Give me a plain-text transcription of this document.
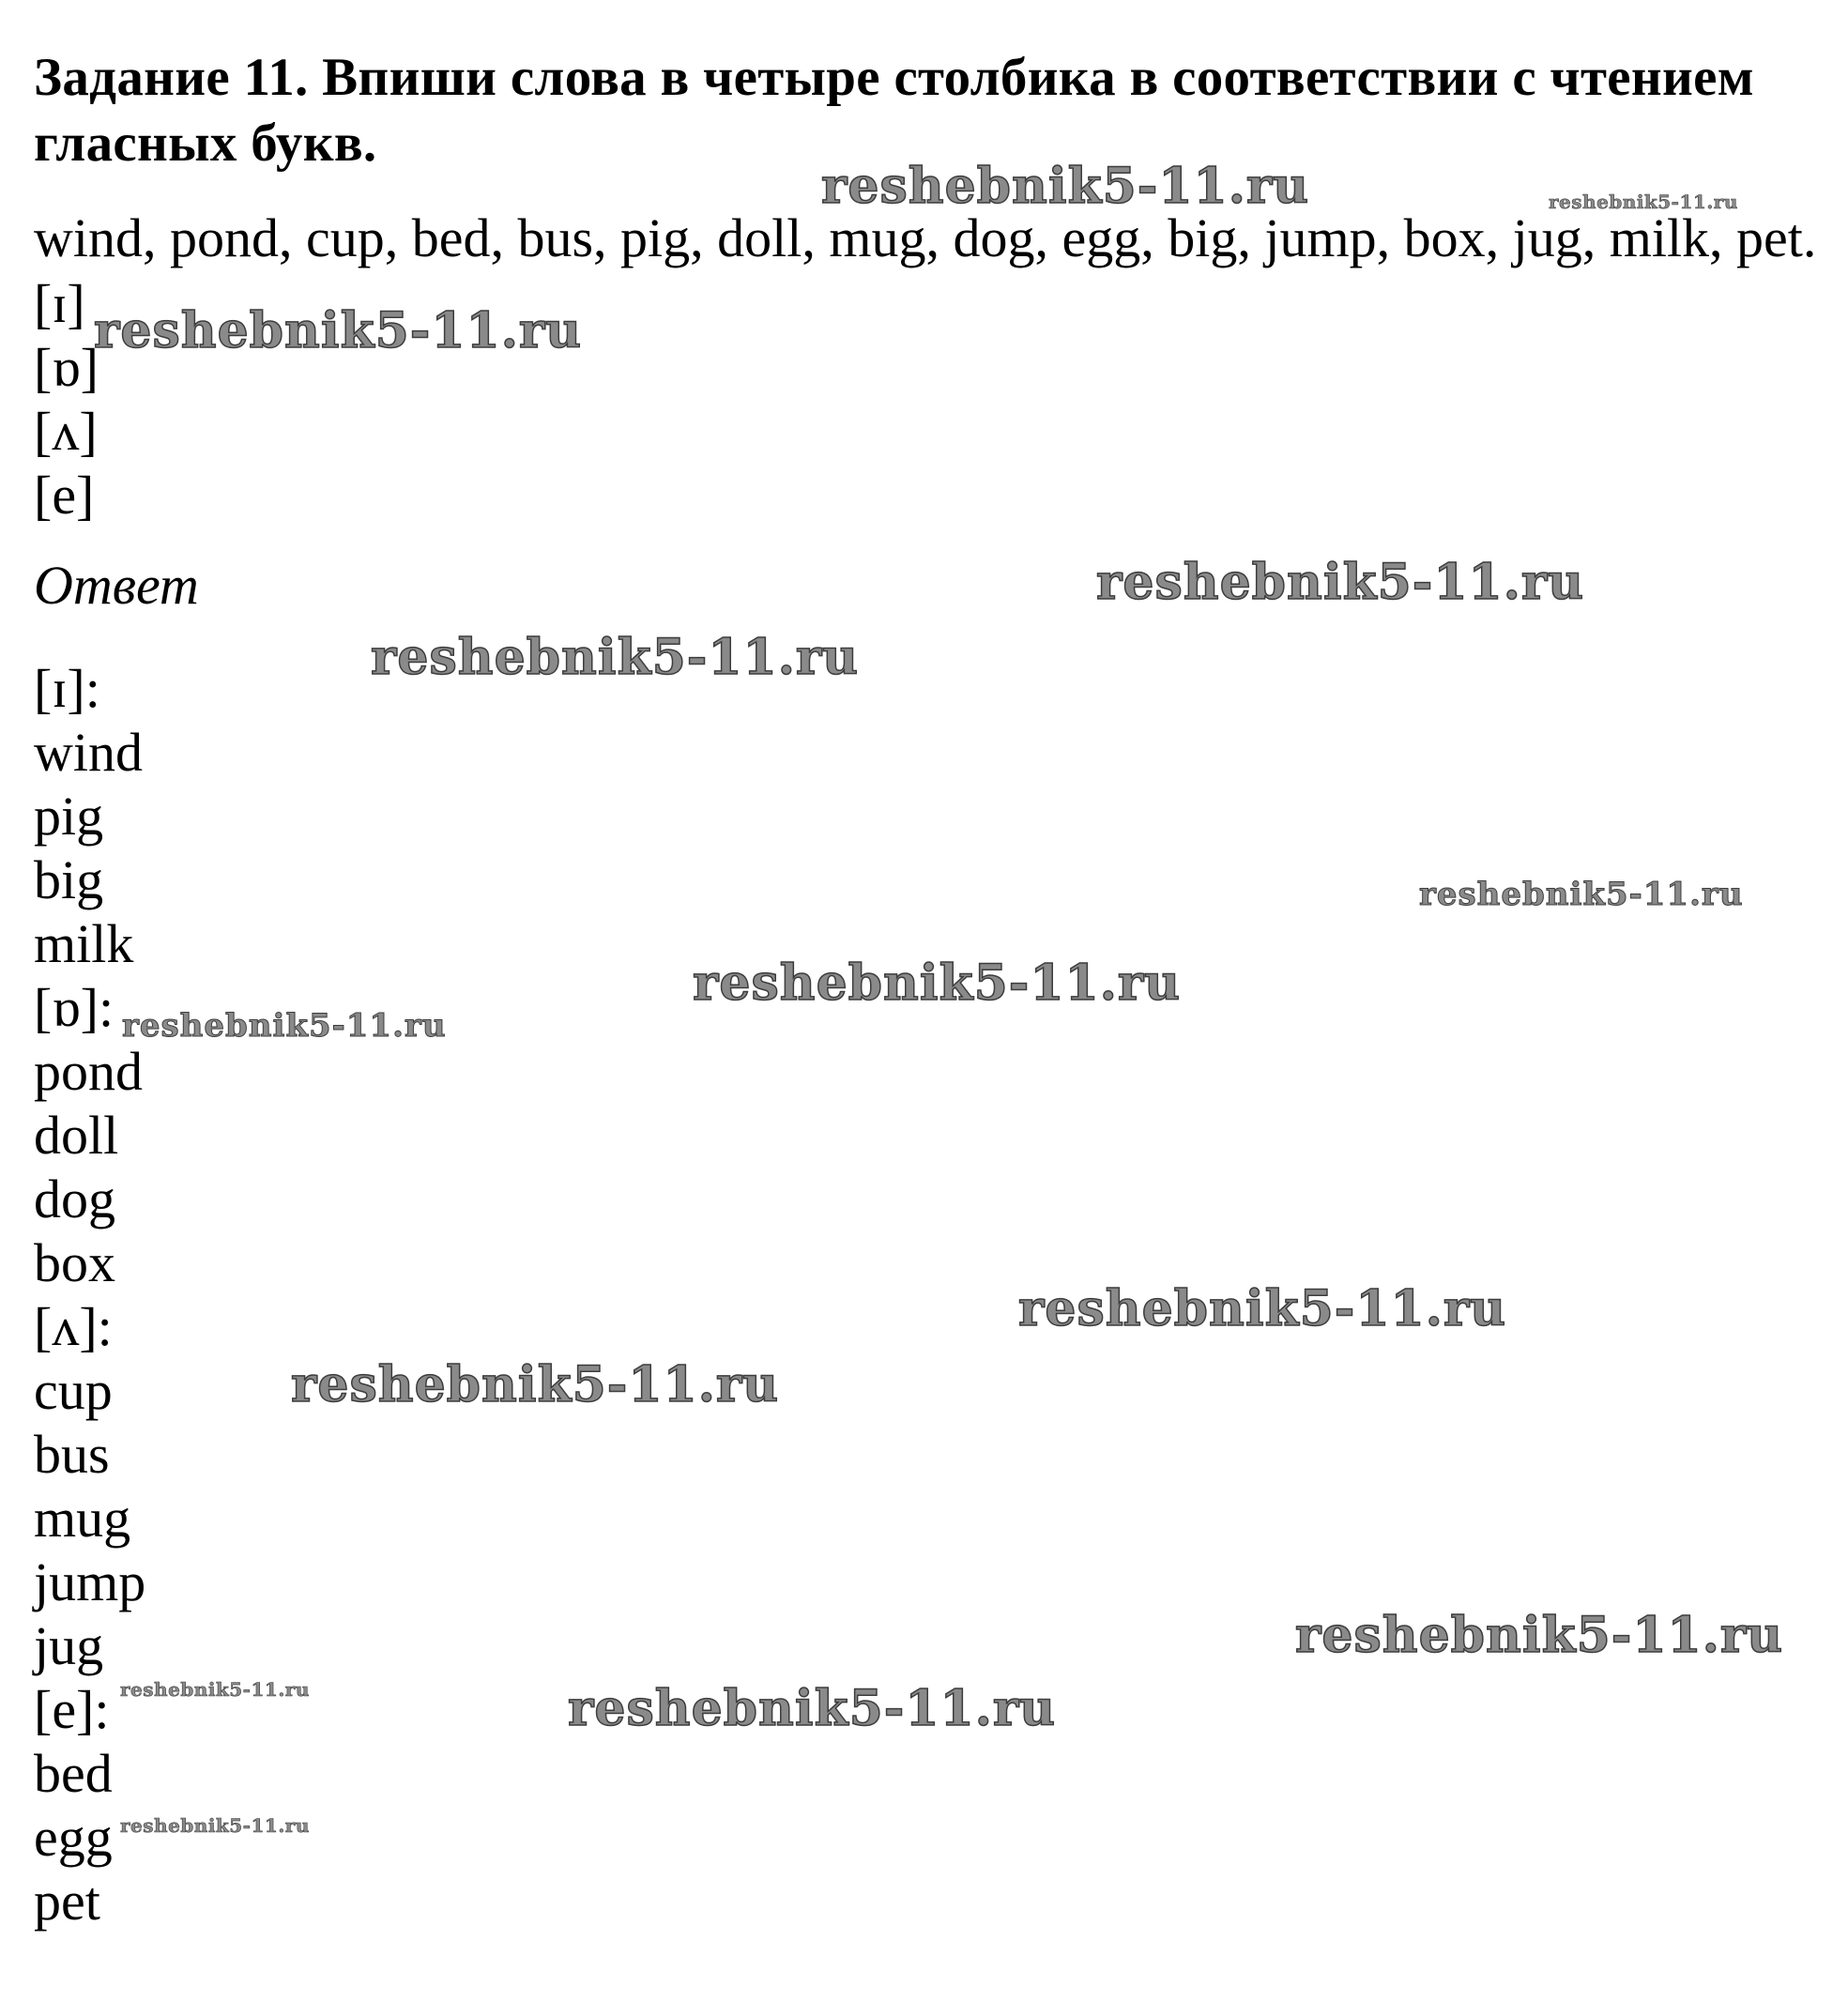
Задание 11. Впиши слова в четыре столбика в соответствии с чтением гласных букв.
wind, pond, cup, bed, bus, pig, doll, mug, dog, egg, big, jump, box, jug, milk, pet.
[ɪ]
[ɒ]
[ʌ]
[e]
Ответ
[ɪ]:
wind
pig
big
milk
[ɒ]:
pond
doll
dog
box
[ʌ]:
cup
bus
mug
jump
jug
[e]:
bed
egg
pet
reshebnik5-11.ru	reshebnik5-11.ru
reshebnik5-11.ru
reshebnik5-11.ru
reshebnik5-11.ru
reshebnik5-11.ru
reshebnik5-11.ru
reshebnik5-11.ru
reshebnik5-11.ru
reshebnik5-11.ru
reshebnik5-11.ru
reshebnik5-11.ru	reshebnik5-11.ru
reshebnik5-11.ru
